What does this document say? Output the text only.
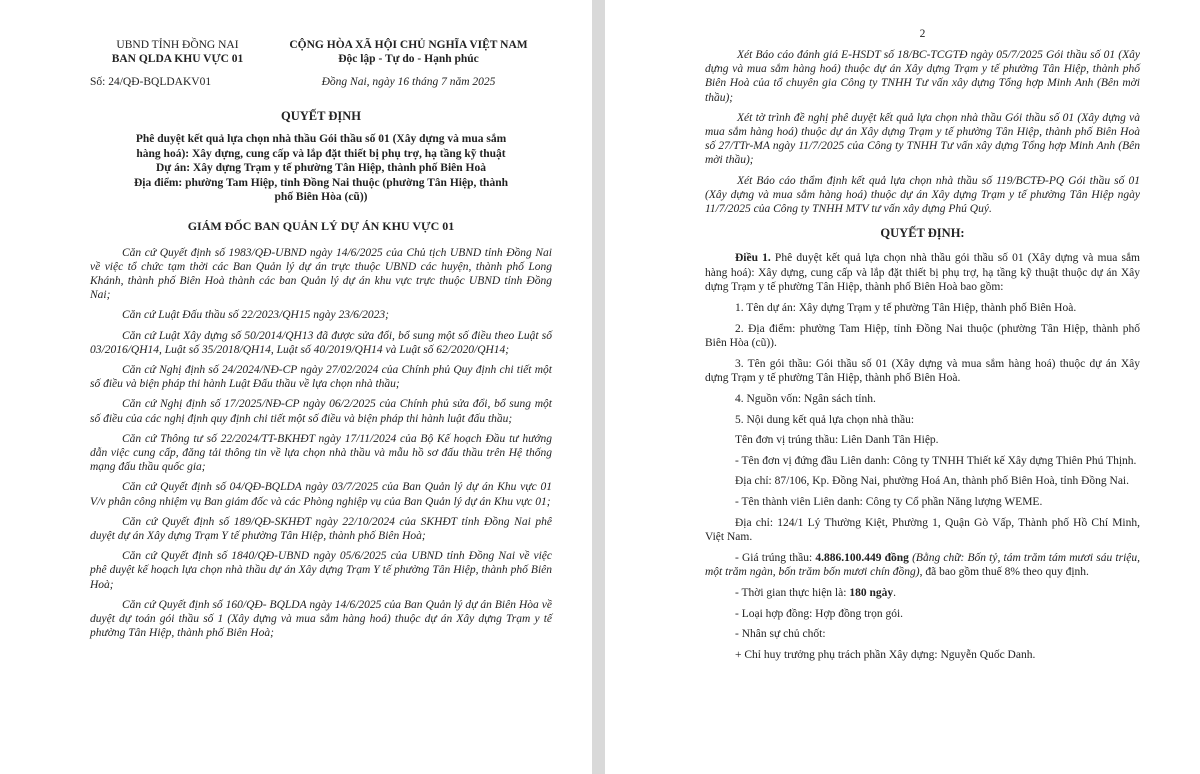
UBND TỈNH ĐỒNG NAI
BAN QLDA KHU VỰC 01
Số: 24/QĐ-BQLDAKV01
CỘNG HÒA XÃ HỘI CHỦ NGHĨA VIỆT NAM
Độc lập - Tự do - Hạnh phúc
Đồng Nai, ngày 16 tháng 7 năm 2025
QUYẾT ĐỊNH
Phê duyệt kết quả lựa chọn nhà thầu Gói thầu số 01 (Xây dựng và mua sắm
hàng hoá): Xây dựng, cung cấp và lắp đặt thiết bị phụ trợ, hạ tầng kỹ thuật
Dự án: Xây dựng Trạm y tế phường Tân Hiệp, thành phố Biên Hoà
Địa điểm: phường Tam Hiệp, tỉnh Đồng Nai thuộc (phường Tân Hiệp, thành
phố Biên Hòa (cũ))
GIÁM ĐỐC BAN QUẢN LÝ DỰ ÁN KHU VỰC 01

Căn cứ Quyết định số 1983/QĐ-UBND ngày 14/6/2025 của Chủ tịch UBND tỉnh Đồng Nai về việc tổ chức tạm thời các Ban Quản lý dự án trực thuộc UBND các huyện, thành phố Long Khánh, thành phố Biên Hoà thành các ban Quản lý dự án khu vực trực thuộc UBND tỉnh Đồng Nai;

Căn cứ Luật Đấu thầu số 22/2023/QH15 ngày 23/6/2023;

Căn cứ Luật Xây dựng số 50/2014/QH13 đã được sửa đổi, bổ sung một số điều theo Luật số 03/2016/QH14, Luật số 35/2018/QH14, Luật số 40/2019/QH14 và Luật số 62/2020/QH14;

Căn cứ Nghị định số 24/2024/NĐ-CP ngày 27/02/2024 của Chính phủ Quy định chi tiết một số điều và biện pháp thi hành Luật Đấu thầu về lựa chọn nhà thầu;

Căn cứ Nghị định số 17/2025/NĐ-CP ngày 06/2/2025 của Chính phủ sửa đổi, bổ sung một số điều của các nghị định quy định chi tiết một số điều và biện pháp thi hành luật đấu thầu;

Căn cứ Thông tư số 22/2024/TT-BKHĐT ngày 17/11/2024 của Bộ Kế hoạch Đầu tư hướng dẫn việc cung cấp, đăng tải thông tin về lựa chọn nhà thầu và mẫu hồ sơ đấu thầu trên Hệ thống mạng đấu thầu quốc gia;

Căn cứ Quyết định số 04/QĐ-BQLDA ngày 03/7/2025 của Ban Quản lý dự án Khu vực 01 V/v phân công nhiệm vụ Ban giám đốc và các Phòng nghiệp vụ của Ban Quản lý dự án Khu vực 01;

Căn cứ Quyết định số 189/QĐ-SKHĐT ngày 22/10/2024 của SKHĐT tỉnh Đồng Nai phê duyệt dự án Xây dựng Trạm Y tế phường Tân Hiệp, thành phố Biên Hoà;

Căn cứ Quyết định số 1840/QĐ-UBND ngày 05/6/2025 của UBND tỉnh Đồng Nai về việc phê duyệt kế hoạch lựa chọn nhà thầu dự án Xây dựng Trạm Y tế phường Tân Hiệp, thành phố Biên Hoà;

Căn cứ Quyết định số 160/QĐ- BQLDA ngày 14/6/2025 của Ban Quản lý dự án Biên Hòa về duyệt dự toán gói thầu số 1 (Xây dựng và mua sắm hàng hoá) thuộc dự án Xây dựng Trạm y tế phường Tân Hiệp, thành phố Biên Hoà;

2

Xét Báo cáo đánh giá E-HSDT số 18/BC-TCGTĐ ngày 05/7/2025 Gói thầu số 01 (Xây dựng và mua sắm hàng hoá) thuộc dự án Xây dựng Trạm y tế phường Tân Hiệp, thành phố Biên Hoà của tổ chuyên gia Công ty TNHH Tư vấn xây dựng Tổng hợp Minh Anh (Bên mời thầu);

Xét tờ trình đề nghị phê duyệt kết quả lựa chọn nhà thầu Gói thầu số 01 (Xây dựng và mua sắm hàng hoá) thuộc dự án Xây dựng Trạm y tế phường Tân Hiệp, thành phố Biên Hoà số 27/TTr-MA ngày 11/7/2025 của Công ty TNHH Tư vấn xây dựng Tổng hợp Minh Anh (Bên mời thầu);

Xét Báo cáo thẩm định kết quả lựa chọn nhà thầu số 119/BCTĐ-PQ Gói thầu số 01 (Xây dựng và mua sắm hàng hoá) thuộc dự án Xây dựng Trạm y tế phường Tân Hiệp ngày 11/7/2025 của Công ty TNHH MTV tư vấn xây dựng Phú Quý.

QUYẾT ĐỊNH:

Điều 1. Phê duyệt kết quả lựa chọn nhà thầu gói thầu số 01 (Xây dựng và mua sắm hàng hoá): Xây dựng, cung cấp và lắp đặt thiết bị phụ trợ, hạ tầng kỹ thuật thuộc dự án Xây dựng Trạm y tế phường Tân Hiệp, thành phố Biên Hoà bao gồm:

1. Tên dự án: Xây dựng Trạm y tế phường Tân Hiệp, thành phố Biên Hoà.

2. Địa điểm: phường Tam Hiệp, tỉnh Đồng Nai thuộc (phường Tân Hiệp, thành phố Biên Hòa (cũ)).

3. Tên gói thầu: Gói thầu số 01 (Xây dựng và mua sắm hàng hoá) thuộc dự án Xây dựng Trạm y tế phường Tân Hiệp, thành phố Biên Hoà.

4. Nguồn vốn: Ngân sách tỉnh.

5. Nội dung kết quả lựa chọn nhà thầu:

Tên đơn vị trúng thầu: Liên Danh Tân Hiệp.

- Tên đơn vị đứng đầu Liên danh: Công ty TNHH Thiết kế Xây dựng Thiên Phú Thịnh.

Địa chỉ: 87/106, Kp. Đồng Nai, phường Hoá An, thành phố Biên Hoà, tỉnh Đồng Nai.

- Tên thành viên Liên danh: Công ty Cổ phần Năng lượng WEME.

Địa chỉ: 124/1 Lý Thường Kiệt, Phường 1, Quận Gò Vấp, Thành phố Hồ Chí Minh, Việt Nam.

- Giá trúng thầu: 4.886.100.449 đồng (Bằng chữ: Bốn tỷ, tám trăm tám mươi sáu triệu, một trăm ngàn, bốn trăm bốn mươi chín đồng), đã bao gồm thuế 8% theo quy định.

- Thời gian thực hiện là: 180 ngày.

- Loại hợp đồng: Hợp đồng trọn gói.

- Nhân sự chủ chốt:

+ Chỉ huy trưởng phụ trách phần Xây dựng: Nguyễn Quốc Danh.
